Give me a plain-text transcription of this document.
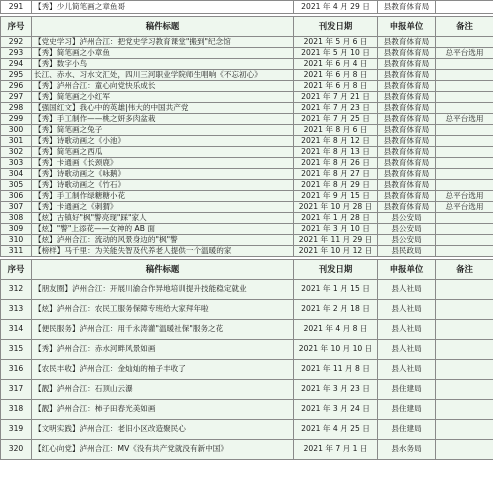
291	【秀】少儿简笔画之章鱼哥	2021 年 4 月 29 日	县教育体育局	
序号	稿件标题	刊发日期	申报单位	备注
292	【党史学习】泸州合江：把党史学习教育课堂"搬到"纪念馆	2021 年 5 月 6 日	县教育体育局	
293	【秀】简笔画之小章鱼	2021 年 5 月 10 日	县教育体育局	总平台选用
294	【秀】数字小鸟	2021 年 6 月 4 日	县教育体育局	
295	长江、赤水、习水文汇处，四川三河职业学院师生唱响《不忘初心》	2021 年 6 月 8 日	县教育体育局	
296	【秀】泸州合江：童心向党快乐成长	2021 年 6 月 8 日	县教育体育局	
297	【秀】简笔画之小红军	2021 年 7 月 21 日	县教育体育局	
298	【强国红文】我心中的英雄|伟大的中国共产党	2021 年 7 月 23 日	县教育体育局	
299	【秀】手工制作——桃之妍多肉盆栽	2021 年 7 月 25 日	县教育体育局	总平台选用
300	【秀】简笔画之兔子	2021 年 8 月 6 日	县教育体育局	
301	【秀】诗歌动画之《小池》	2021 年 8 月 12 日	县教育体育局	
302	【秀】简笔画之西瓜	2021 年 8 月 13 日	县教育体育局	
303	【秀】卡通画《长颈鹿》	2021 年 8 月 26 日	县教育体育局	
304	【秀】诗歌动画之《咏鹅》	2021 年 8 月 27 日	县教育体育局	
305	【秀】诗歌动画之《竹石》	2021 年 8 月 29 日	县教育体育局	
306	【秀】手工制作绿糖糖小花	2021 年 9 月 15 日	县教育体育局	总平台选用
307	【秀】卡通画之《刺猬》	2021 年 10 月 28 日	县教育体育局	总平台选用
308	【炫】古镇好"枫"警亮现"踩"家人	2021 年 1 月 28 日	县公安局	
309	【炫】"警"上添花——女神的 AB 面	2021 年 3 月 10 日	县公安局	
310	【炫】泸州合江：流动的风景身边的"枫"警	2021 年 11 月 29 日	县公安局	
311	【榜样】马千里：为关能失智及代养老人提供一个温暖的家	2021 年 10 月 12 日	县民政局	
序号	稿件标题	刊发日期	申报单位	备注
312	【朋友圈】泸州合江：开展川渝合作异地培训提升技能稳定就业	2021 年 1 月 15 日	县人社局	
313	【炫】泸州合江：农民工服务保障专班给大家拜年啦	2021 年 2 月 18 日	县人社局	
314	【便民服务】泸州合江：用千永涛灌"温暖社保"服务之花	2021 年 4 月 8 日	县人社局	
315	【秀】泸州合江：赤水河畔风景如画	2021 年 10 月 10 日	县人社局	
316	【农民丰收】泸州合江：金灿灿的柚子丰收了	2021 年 11 月 8 日	县人社局	
317	【靓】泸州合江：石顶山云瀑	2021 年 3 月 23 日	县住建局	
318	【靓】泸州合江：柿子田春光美如画	2021 年 3 月 24 日	县住建局	
319	【文明实践】泸州合江：老旧小区改造聚民心	2021 年 4 月 25 日	县住建局	
320	【红心向党】泸州合江：MV《没有共产党就没有新中国》	2021 年 7 月 1 日	县水务局	
